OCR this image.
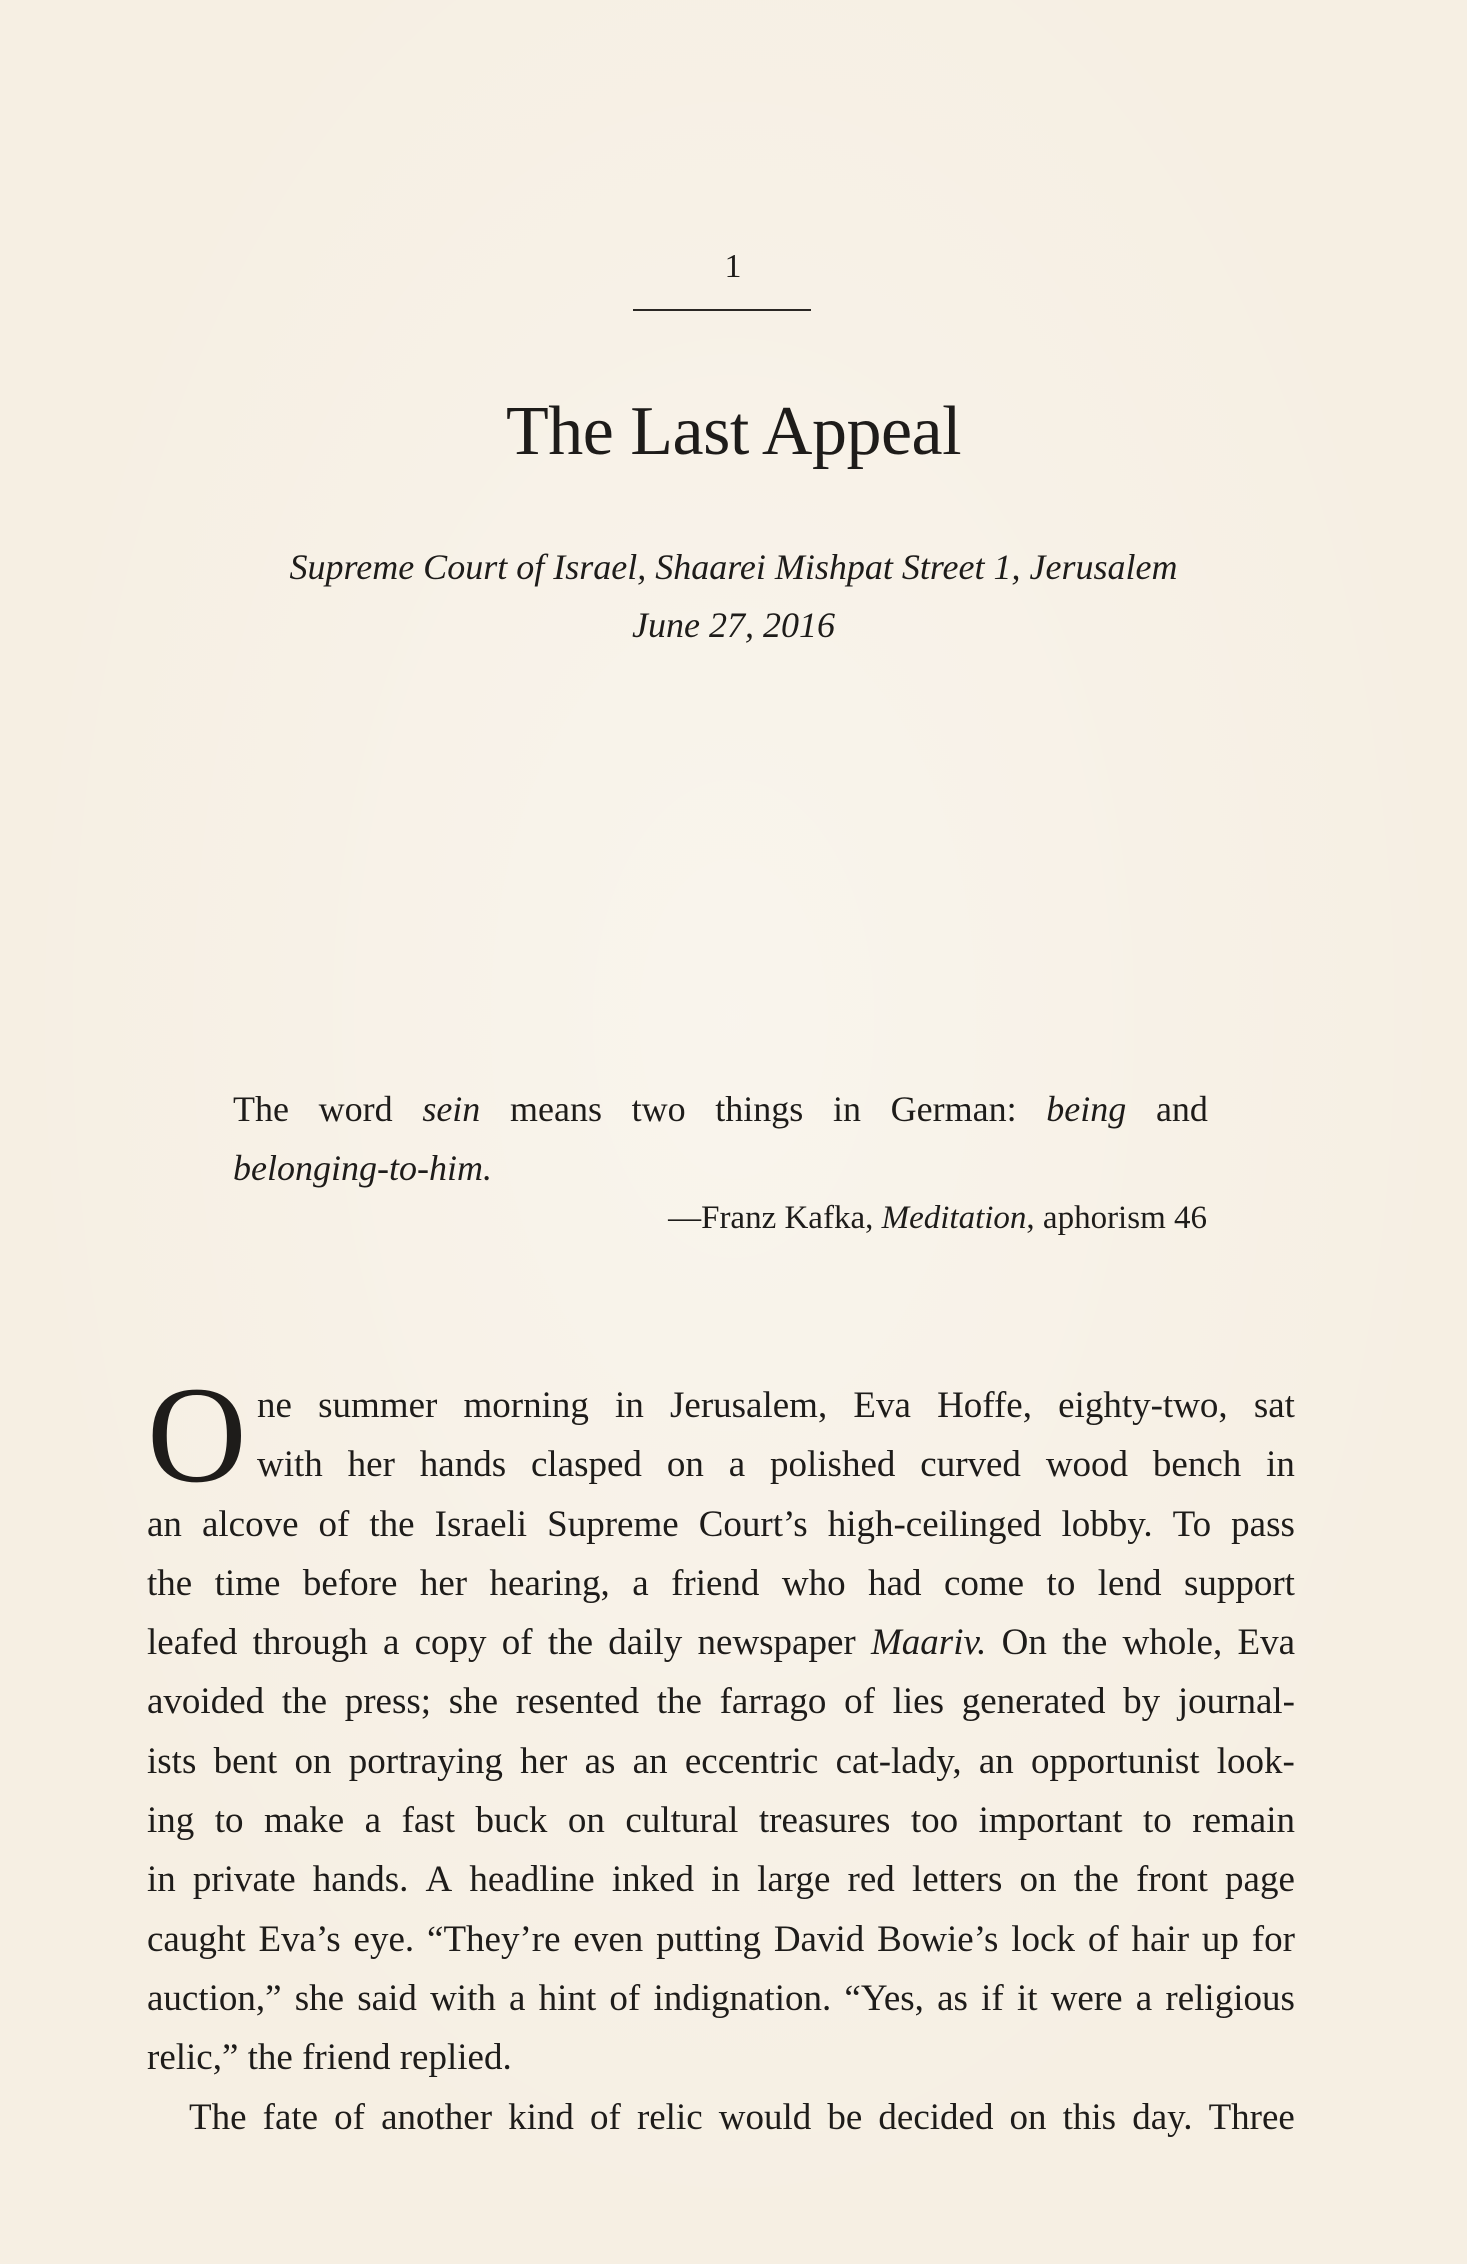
1
The Last Appeal
Supreme Court of Israel, Shaarei Mishpat Street 1, Jerusalem
June 27, 2016
The word sein means two things in German: being and
belonging-to-him.
—Franz Kafka, Meditation, aphorism 46
O ne summer morning in Jerusalem, Eva Hoffe, eighty-two, sat
with her hands clasped on a polished curved wood bench in
an alcove of the Israeli Supreme Court’s high-ceilinged lobby. To pass
the time before her hearing, a friend who had come to lend support
leafed through a copy of the daily newspaper Maariv. On the whole, Eva
avoided the press; she resented the farrago of lies generated by journal-
ists bent on portraying her as an eccentric cat-lady, an opportunist look-
ing to make a fast buck on cultural treasures too important to remain
in private hands. A headline inked in large red letters on the front page
caught Eva’s eye. “They’re even putting David Bowie’s lock of hair up for
auction,” she said with a hint of indignation. “Yes, as if it were a religious
relic,” the friend replied.
The fate of another kind of relic would be decided on this day. Three
